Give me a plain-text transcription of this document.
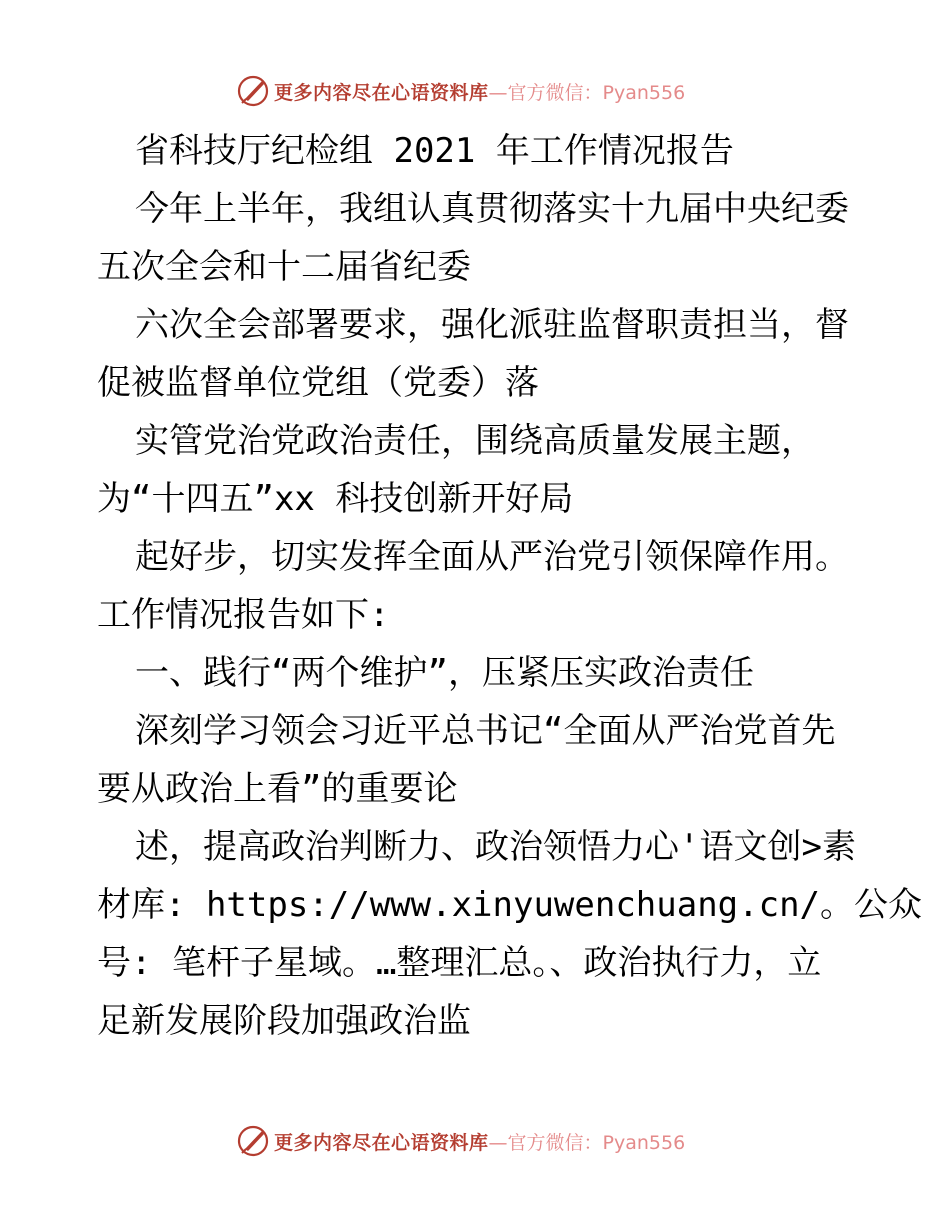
更多内容尽在心语资料库 —官方微信：Pyan556
省科技厅纪检组 2021 年工作情况报告
今年上半年，我组认真贯彻落实十九届中央纪委
五次全会和十二届省纪委
六次全会部署要求，强化派驻监督职责担当，督
促被监督单位党组（党委）落
实管党治党政治责任，围绕高质量发展主题，
为“十四五”xx 科技创新开好局
起好步，切实发挥全面从严治党引领保障作用。
工作情况报告如下:
一、践行“两个维护”，压紧压实政治责任
深刻学习领会习近平总书记“全面从严治党首先
要从政治上看”的重要论
述，提高政治判断力、政治领悟力心'语文创>素
材库: https://www.xinyuwenchuang.cn/。公众
号: 笔杆子星域。…整理汇总。、政治执行力，立
足新发展阶段加强政治监
更多内容尽在心语资料库 —官方微信：Pyan556
